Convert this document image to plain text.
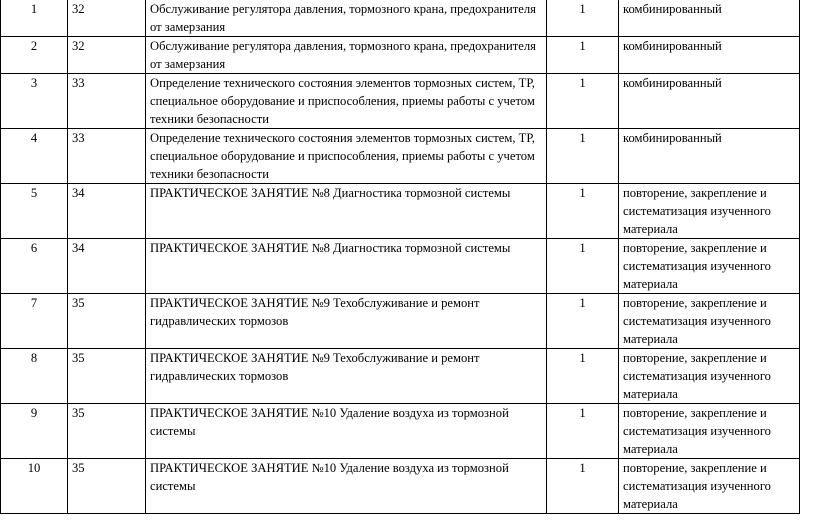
1	32	Обслуживание регулятора давления, тормозного крана, предохранителя от замерзания	1	комбинированный
2	32	Обслуживание регулятора давления, тормозного крана, предохранителя от замерзания	1	комбинированный
3	33	Определение технического состояния элементов тормозных систем, ТР, специальное оборудование и приспособления, приемы работы с учетом техники безопасности	1	комбинированный
4	33	Определение технического состояния элементов тормозных систем, ТР, специальное оборудование и приспособления, приемы работы с учетом техники безопасности	1	комбинированный
5	34	ПРАКТИЧЕСКОЕ ЗАНЯТИЕ №8 Диагностика тормозной системы	1	повторение, закрепление и систематизация изученного материала
6	34	ПРАКТИЧЕСКОЕ ЗАНЯТИЕ №8 Диагностика тормозной системы	1	повторение, закрепление и систематизация изученного материала
7	35	ПРАКТИЧЕСКОЕ ЗАНЯТИЕ №9 Техобслуживание и ремонт гидравлических тормозов	1	повторение, закрепление и систематизация изученного материала
8	35	ПРАКТИЧЕСКОЕ ЗАНЯТИЕ №9 Техобслуживание и ремонт гидравлических тормозов	1	повторение, закрепление и систематизация изученного материала
9	35	ПРАКТИЧЕСКОЕ ЗАНЯТИЕ №10 Удаление воздуха из тормозной системы	1	повторение, закрепление и систематизация изученного материала
10	35	ПРАКТИЧЕСКОЕ ЗАНЯТИЕ №10 Удаление воздуха из тормозной системы	1	повторение, закрепление и систематизация изученного материала
